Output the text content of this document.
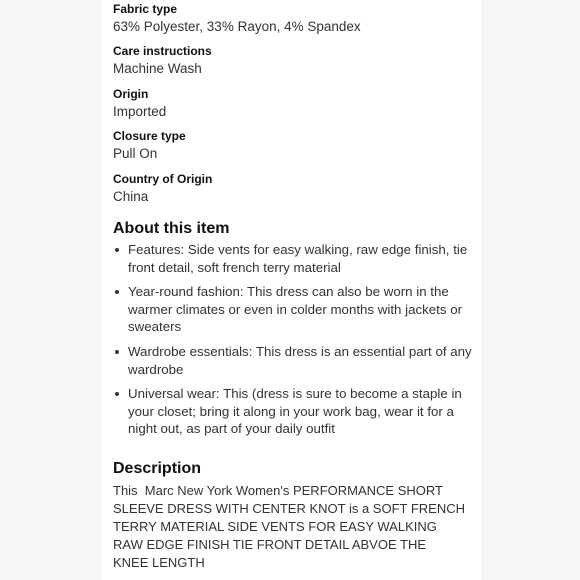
Fabric type
63% Polyester, 33% Rayon, 4% Spandex
Care instructions
Machine Wash
Origin
Imported
Closure type
Pull On
Country of Origin
China
About this item
Features: Side vents for easy walking, raw edge finish, tie front detail, soft french terry material
Year-round fashion: This dress can also be worn in the warmer climates or even in colder months with jackets or sweaters
Wardrobe essentials: This dress is an essential part of any wardrobe
Universal wear: This (dress is sure to become a staple in your closet; bring it along in your work bag, wear it for a night out, as part of your daily outfit
Description
This  Marc New York Women's PERFORMANCE SHORT SLEEVE DRESS WITH CENTER KNOT is a SOFT FRENCH TERRY MATERIAL SIDE VENTS FOR EASY WALKING RAW EDGE FINISH TIE FRONT DETAIL ABVOE THE KNEE LENGTH
